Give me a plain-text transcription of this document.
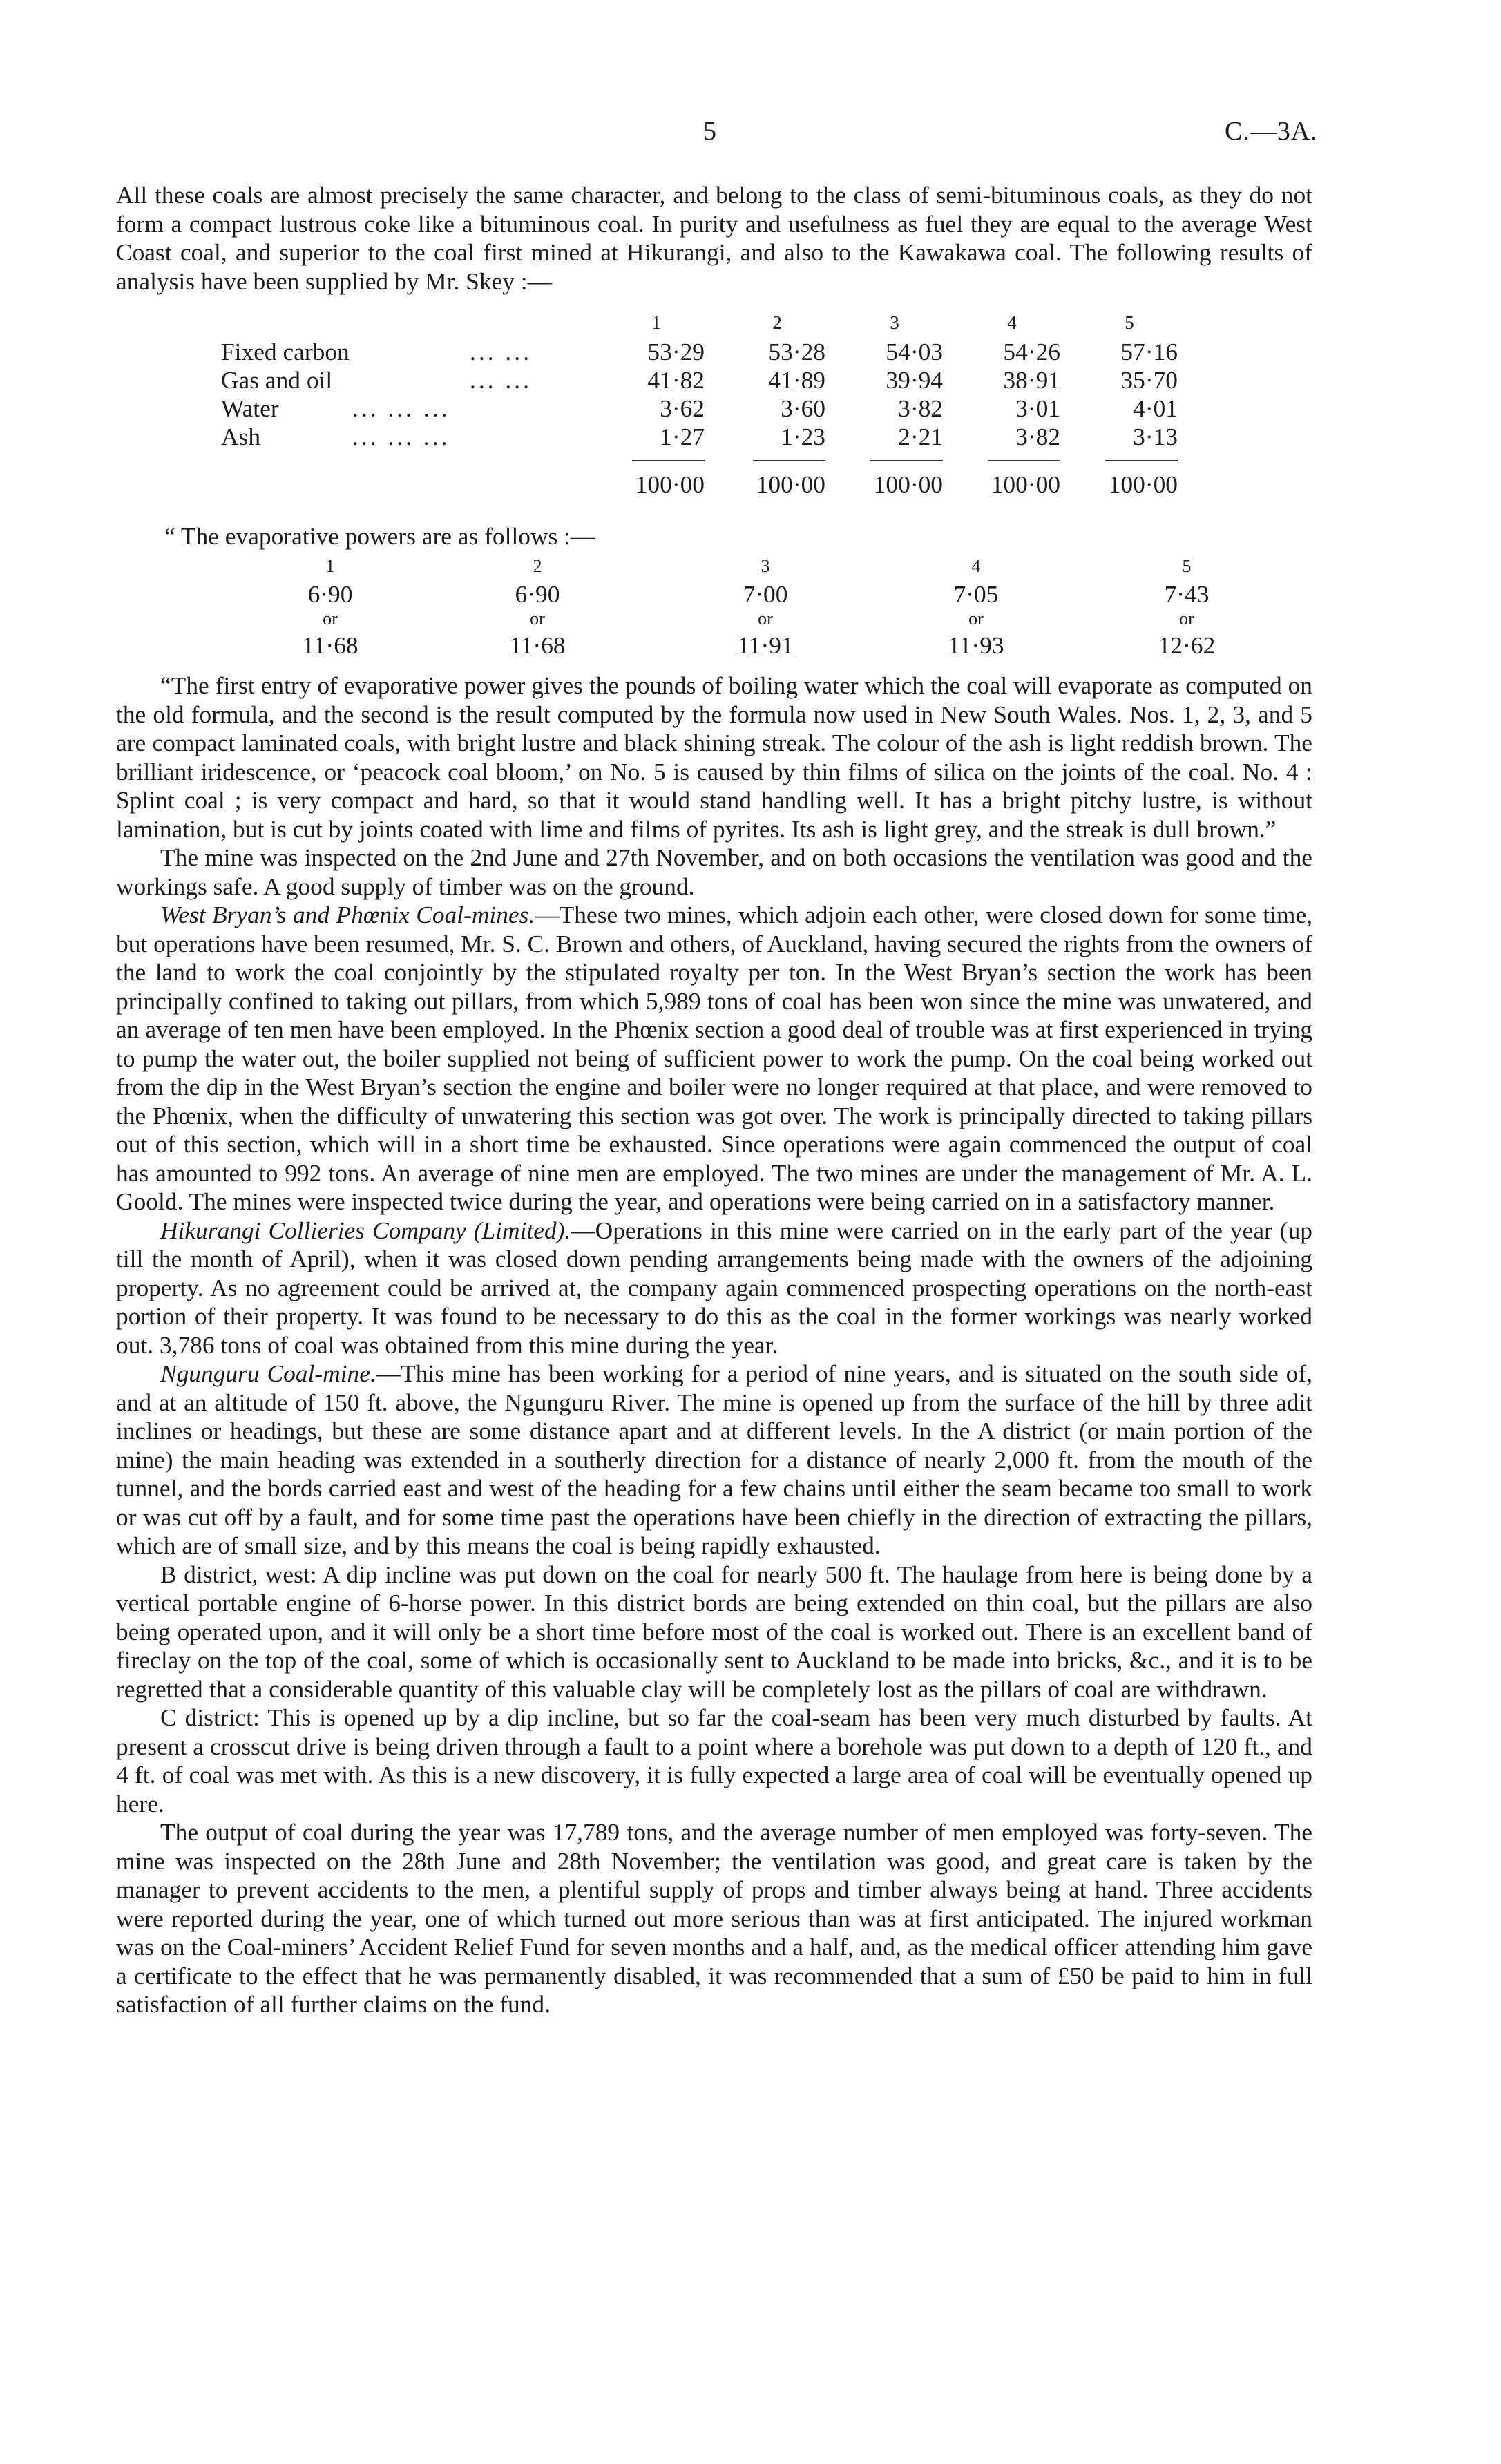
5	C.—3A.

All these coals are almost precisely the same character, and belong to the class of semi-bituminous coals, as they do not form a compact lustrous coke like a bituminous coal. In purity and usefulness as fuel they are equal to the average West Coast coal, and superior to the coal first mined at Hikurangi, and also to the Kawakawa coal. The following results of analysis have been supplied by Mr. Skey :—

1	2	3	4	5
Fixed carbon	... ...	53·29	53·28	54·03	54·26	57·16
Gas and oil	... ...	41·82	41·89	39·94	38·91	35·70
Water	... ... ...	3·62	3·60	3·82	3·01	4·01
Ash	... ... ...	1·27	1·23	2·21	3·82	3·13
100·00	100·00	100·00	100·00	100·00
“ The evaporative powers are as follows :—
1	2	3	4	5
6·90	6·90	7·00	7·05	7·43
or	or	or	or	or
11·68	11·68	11·91	11·93	12·62

“The first entry of evaporative power gives the pounds of boiling water which the coal will evaporate as computed on the old formula, and the second is the result computed by the formula now used in New South Wales. Nos. 1, 2, 3, and 5 are compact laminated coals, with bright lustre and black shining streak. The colour of the ash is light reddish brown. The brilliant iridescence, or ‘peacock coal bloom,’ on No. 5 is caused by thin films of silica on the joints of the coal. No. 4 : Splint coal ; is very compact and hard, so that it would stand handling well. It has a bright pitchy lustre, is without lamination, but is cut by joints coated with lime and films of pyrites. Its ash is light grey, and the streak is dull brown.”

The mine was inspected on the 2nd June and 27th November, and on both occasions the ventilation was good and the workings safe. A good supply of timber was on the ground.

West Bryan’s and Phœnix Coal-mines.—These two mines, which adjoin each other, were closed down for some time, but operations have been resumed, Mr. S. C. Brown and others, of Auckland, having secured the rights from the owners of the land to work the coal conjointly by the stipulated royalty per ton. In the West Bryan’s section the work has been principally confined to taking out pillars, from which 5,989 tons of coal has been won since the mine was unwatered, and an average of ten men have been employed. In the Phœnix section a good deal of trouble was at first experienced in trying to pump the water out, the boiler supplied not being of sufficient power to work the pump. On the coal being worked out from the dip in the West Bryan’s section the engine and boiler were no longer required at that place, and were removed to the Phœnix, when the difficulty of unwatering this section was got over. The work is principally directed to taking pillars out of this section, which will in a short time be exhausted. Since operations were again commenced the output of coal has amounted to 992 tons. An average of nine men are employed. The two mines are under the management of Mr. A. L. Goold. The mines were inspected twice during the year, and operations were being carried on in a satisfactory manner.

Hikurangi Collieries Company (Limited).—Operations in this mine were carried on in the early part of the year (up till the month of April), when it was closed down pending arrangements being made with the owners of the adjoining property. As no agreement could be arrived at, the company again commenced prospecting operations on the north-east portion of their property. It was found to be necessary to do this as the coal in the former workings was nearly worked out. 3,786 tons of coal was obtained from this mine during the year.

Ngunguru Coal-mine.—This mine has been working for a period of nine years, and is situated on the south side of, and at an altitude of 150 ft. above, the Ngunguru River. The mine is opened up from the surface of the hill by three adit inclines or headings, but these are some distance apart and at different levels. In the A district (or main portion of the mine) the main heading was extended in a southerly direction for a distance of nearly 2,000 ft. from the mouth of the tunnel, and the bords carried east and west of the heading for a few chains until either the seam became too small to work or was cut off by a fault, and for some time past the operations have been chiefly in the direction of extracting the pillars, which are of small size, and by this means the coal is being rapidly exhausted.

B district, west: A dip incline was put down on the coal for nearly 500 ft. The haulage from here is being done by a vertical portable engine of 6-horse power. In this district bords are being extended on thin coal, but the pillars are also being operated upon, and it will only be a short time before most of the coal is worked out. There is an excellent band of fireclay on the top of the coal, some of which is occasionally sent to Auckland to be made into bricks, &c., and it is to be regretted that a considerable quantity of this valuable clay will be completely lost as the pillars of coal are withdrawn.

C district: This is opened up by a dip incline, but so far the coal-seam has been very much disturbed by faults. At present a crosscut drive is being driven through a fault to a point where a borehole was put down to a depth of 120 ft., and 4 ft. of coal was met with. As this is a new discovery, it is fully expected a large area of coal will be eventually opened up here.

The output of coal during the year was 17,789 tons, and the average number of men employed was forty-seven. The mine was inspected on the 28th June and 28th November; the ventilation was good, and great care is taken by the manager to prevent accidents to the men, a plentiful supply of props and timber always being at hand. Three accidents were reported during the year, one of which turned out more serious than was at first anticipated. The injured workman was on the Coal-miners’ Accident Relief Fund for seven months and a half, and, as the medical officer attending him gave a certificate to the effect that he was permanently disabled, it was recommended that a sum of £50 be paid to him in full satisfaction of all further claims on the fund.
